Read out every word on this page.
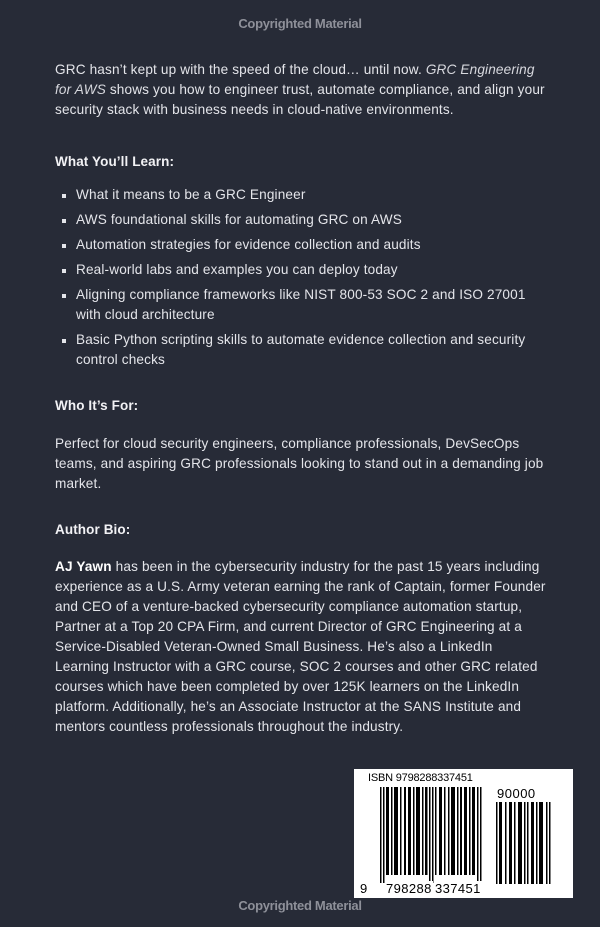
Copyrighted Material

GRC hasn’t kept up with the speed of the cloud… until now. GRC Engineering for AWS shows you how to engineer trust, automate compliance, and align your security stack with business needs in cloud-native environments.

What You’ll Learn:
What it means to be a GRC Engineer
AWS foundational skills for automating GRC on AWS
Automation strategies for evidence collection and audits
Real-world labs and examples you can deploy today
Aligning compliance frameworks like NIST 800-53 SOC 2 and ISO 27001 with cloud architecture
Basic Python scripting skills to automate evidence collection and security control checks
Who It’s For:

Perfect for cloud security engineers, compliance professionals, DevSecOps teams, and aspiring GRC professionals looking to stand out in a demanding job market.

Author Bio:

AJ Yawn has been in the cybersecurity industry for the past 15 years including experience as a U.S. Army veteran earning the rank of Captain, former Founder and CEO of a venture-backed cybersecurity compliance automation startup, Partner at a Top 20 CPA Firm, and current Director of GRC Engineering at a Service-Disabled Veteran-Owned Small Business. He’s also a LinkedIn Learning Instructor with a GRC course, SOC 2 courses and other GRC related courses which have been completed by over 125K learners on the LinkedIn platform. Additionally, he’s an Associate Instructor at the SANS Institute and mentors countless professionals throughout the industry.

ISBN 9798288337451
90000
9 798288 337451
Copyrighted Material
